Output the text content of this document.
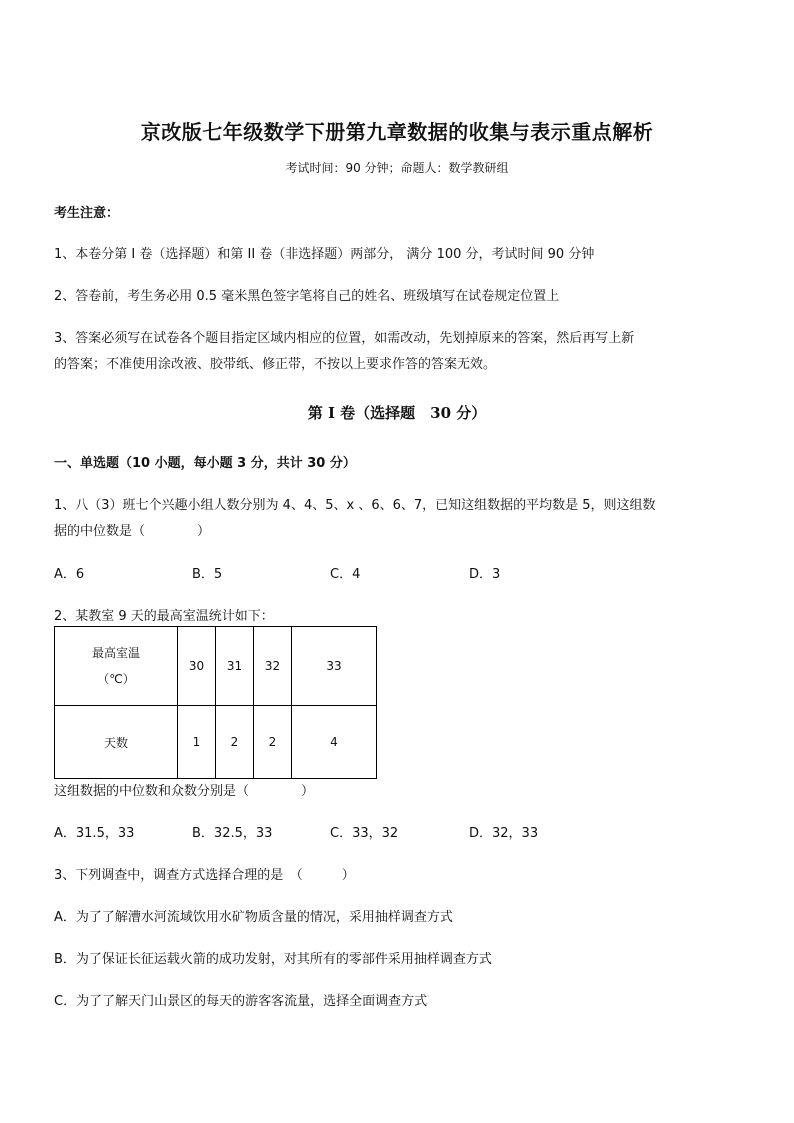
京改版七年级数学下册第九章数据的收集与表示重点解析
考试时间：90 分钟；命题人：数学教研组
考生注意：
1、本卷分第 I 卷（选择题）和第 II 卷（非选择题）两部分， 满分 100 分，考试时间 90 分钟
2、答卷前，考生务必用 0.5 毫米黑色签字笔将自己的姓名、班级填写在试卷规定位置上
3、答案必须写在试卷各个题目指定区域内相应的位置，如需改动，先划掉原来的答案，然后再写上新
的答案；不准使用涂改液、胶带纸、修正带，不按以上要求作答的答案无效。
第 I 卷（选择题　30 分）
一、单选题（10 小题，每小题 3 分，共计 30 分）
1、八（3）班七个兴趣小组人数分别为 4、4、5、x 、6、6、7，已知这组数据的平均数是 5，则这组数
据的中位数是（　　　　）
A．6	B．5	C．4	D．3
2、某教室 9 天的最高室温统计如下：
最高室温
（℃）	30	31	32	33
天数	1	2	2	4
这组数据的中位数和众数分别是（　　　　）
A．31.5，33	B．32.5，33	C．33，32	D．32，33
3、下列调查中，调查方式选择合理的是　（　　　）
A．为了了解漕水河流域饮用水矿物质含量的情况，采用抽样调查方式
B．为了保证长征运载火箭的成功发射，对其所有的零部件采用抽样调查方式
C．为了了解天门山景区的每天的游客客流量，选择全面调查方式
